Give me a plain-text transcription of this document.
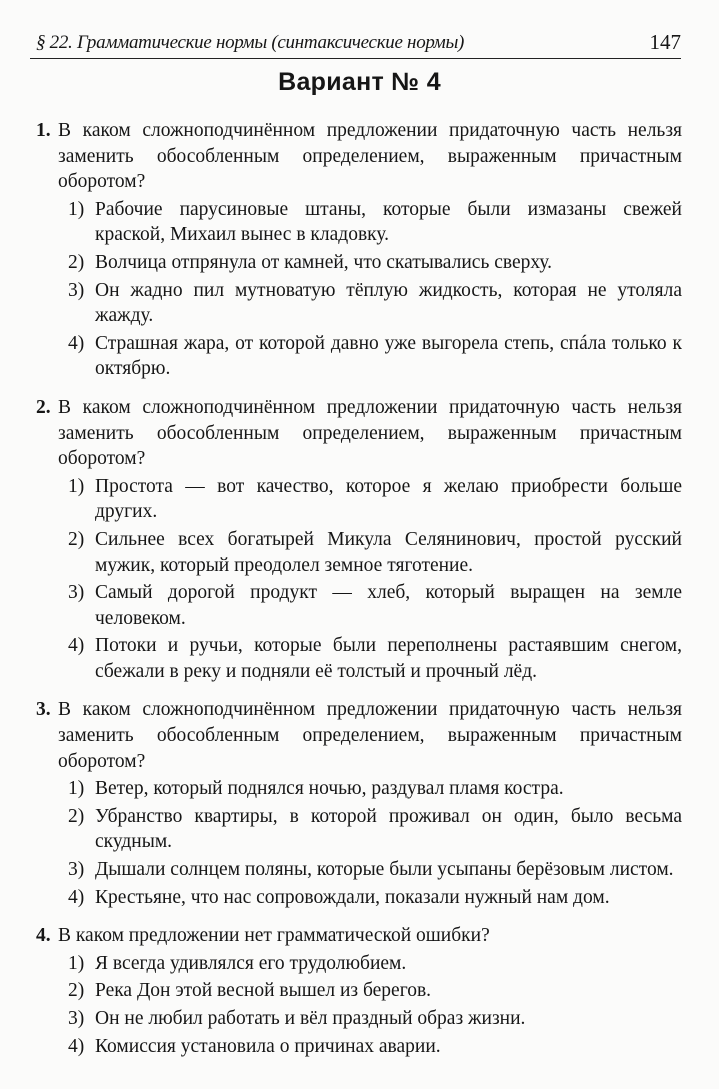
§ 22. Грамматические нормы (синтаксические нормы)	147
Вариант № 4
1. В каком сложноподчинённом предложении придаточную часть нельзя заменить обособленным определением, выраженным причастным оборотом?
1) Рабочие парусиновые штаны, которые были измазаны свежей краской, Михаил вынес в кладовку.
2) Волчица отпрянула от камней, что скатывались сверху.
3) Он жадно пил мутноватую тёплую жидкость, которая не утоляла жажду.
4) Страшная жара, от которой давно уже выгорела степь, спáла только к октябрю.
2. В каком сложноподчинённом предложении придаточную часть нельзя заменить обособленным определением, выраженным причастным оборотом?
1) Простота — вот качество, которое я желаю приобрести больше других.
2) Сильнее всех богатырей Микула Селянинович, простой русский мужик, который преодолел земное тяготение.
3) Самый дорогой продукт — хлеб, который выращен на земле человеком.
4) Потоки и ручьи, которые были переполнены растаявшим снегом, сбежали в реку и подняли её толстый и прочный лёд.
3. В каком сложноподчинённом предложении придаточную часть нельзя заменить обособленным определением, выраженным причастным оборотом?
1) Ветер, который поднялся ночью, раздувал пламя костра.
2) Убранство квартиры, в которой проживал он один, было весьма скудным.
3) Дышали солнцем поляны, которые были усыпаны берёзовым листом.
4) Крестьяне, что нас сопровождали, показали нужный нам дом.
4. В каком предложении нет грамматической ошибки?
1) Я всегда удивлялся его трудолюбием.
2) Река Дон этой весной вышел из берегов.
3) Он не любил работать и вёл праздный образ жизни.
4) Комиссия установила о причинах аварии.
